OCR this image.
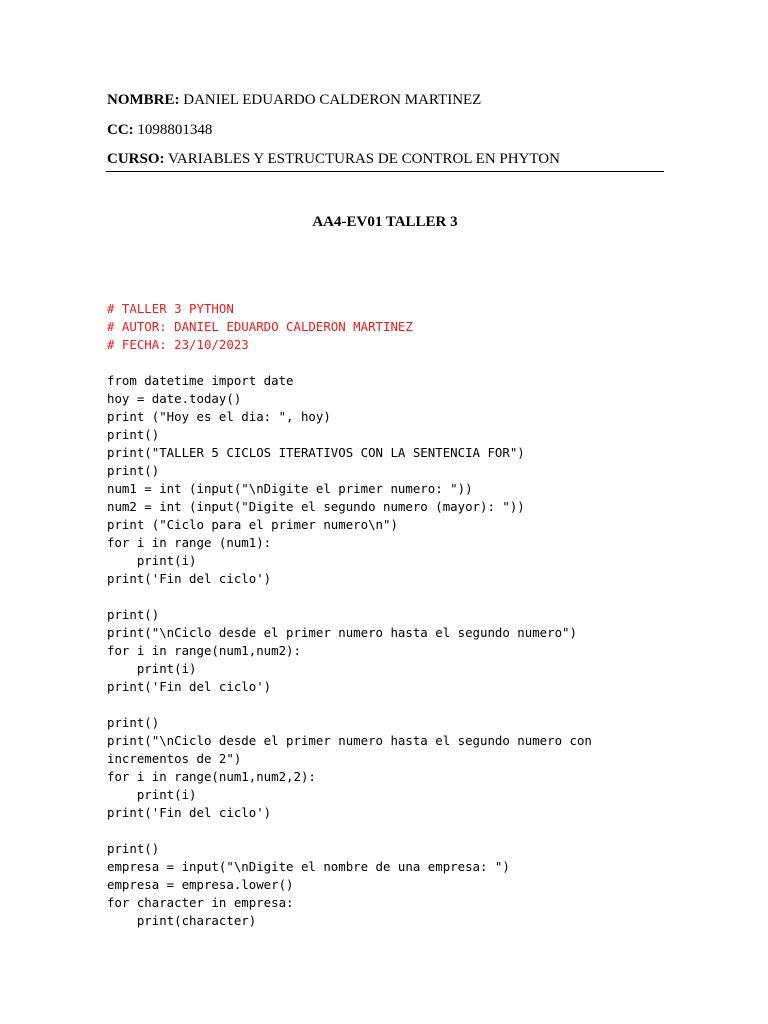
NOMBRE: DANIEL EDUARDO CALDERON MARTINEZ
CC: 1098801348
CURSO: VARIABLES Y ESTRUCTURAS DE CONTROL EN PHYTON
AA4-EV01 TALLER 3
# TALLER 3 PYTHON
# AUTOR: DANIEL EDUARDO CALDERON MARTINEZ
# FECHA: 23/10/2023
from datetime import date
hoy = date.today()
print ("Hoy es el dia: ", hoy)
print()
print("TALLER 5 CICLOS ITERATIVOS CON LA SENTENCIA FOR")
print()
num1 = int (input("\nDigite el primer numero: "))
num2 = int (input("Digite el segundo numero (mayor): "))
print ("Ciclo para el primer numero\n")
for i in range (num1):
print(i)
print('Fin del ciclo')
print()
print("\nCiclo desde el primer numero hasta el segundo numero")
for i in range(num1,num2):
print(i)
print('Fin del ciclo')
print()
print("\nCiclo desde el primer numero hasta el segundo numero con
incrementos de 2")
for i in range(num1,num2,2):
print(i)
print('Fin del ciclo')
print()
empresa = input("\nDigite el nombre de una empresa: ")
empresa = empresa.lower()
for character in empresa:
print(character)
